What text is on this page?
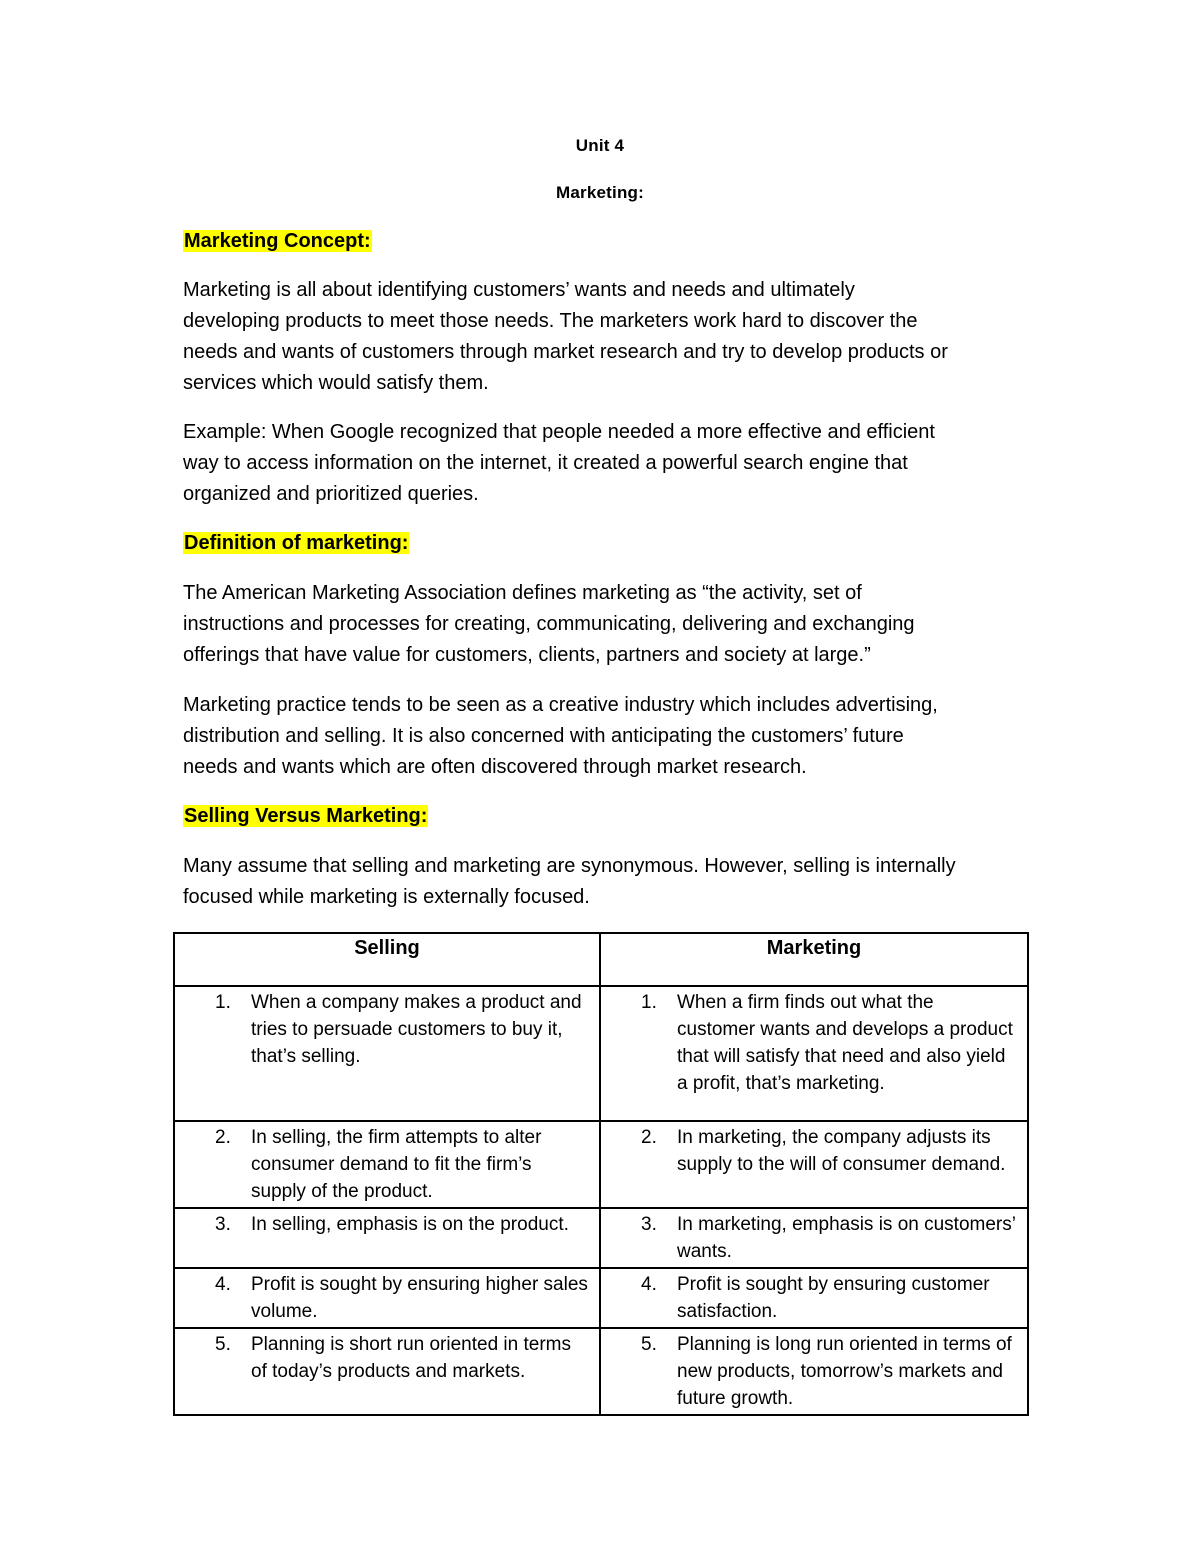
Unit 4
Marketing:
Marketing Concept:
Marketing is all about identifying customers’ wants and needs and ultimately
developing products to meet those needs. The marketers work hard to discover the
needs and wants of customers through market research and try to develop products or
services which would satisfy them.
Example: When Google recognized that people needed a more effective and efficient
way to access information on the internet, it created a powerful search engine that
organized and prioritized queries.
Definition of marketing:
The American Marketing Association defines marketing as “the activity, set of
instructions and processes for creating, communicating, delivering and exchanging
offerings that have value for customers, clients, partners and society at large.”
Marketing practice tends to be seen as a creative industry which includes advertising,
distribution and selling. It is also concerned with anticipating the customers’ future
needs and wants which are often discovered through market research.
Selling Versus Marketing:
Many assume that selling and marketing are synonymous. However, selling is internally
focused while marketing is externally focused.
Selling	Marketing

1. When a company makes a product and tries to persuade customers to buy it, that’s selling.	1. When a firm finds out what the customer wants and develops a product that will satisfy that need and also yield a profit, that’s marketing.

2. In selling, the firm attempts to alter consumer demand to fit the firm’s supply of the product.	2. In marketing, the company adjusts its supply to the will of consumer demand.

3. In selling, emphasis is on the product.	3. In marketing, emphasis is on customers’ wants.

4. Profit is sought by ensuring higher sales volume.	4. Profit is sought by ensuring customer satisfaction.

5. Planning is short run oriented in terms of today’s products and markets.	5. Planning is long run oriented in terms of new products, tomorrow’s markets and future growth.
